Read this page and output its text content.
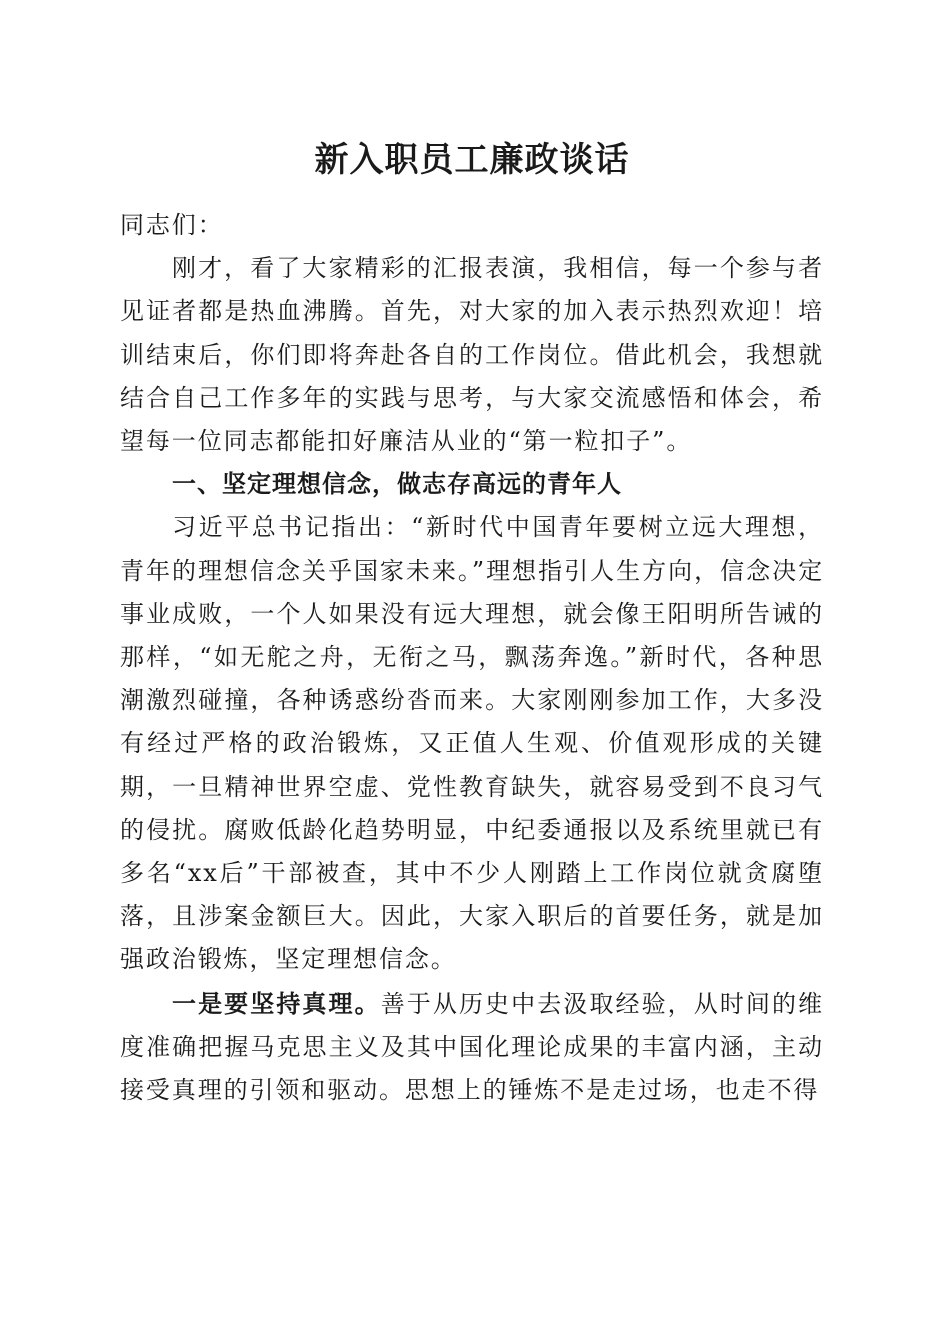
新入职员工廉政谈话

同志们：

刚才，看了大家精彩的汇报表演，我相信，每一个参与者见证者都是热血沸腾。首先，对大家的加入表示热烈欢迎！培训结束后，你们即将奔赴各自的工作岗位。借此机会，我想就结合自己工作多年的实践与思考，与大家交流感悟和体会，希望每一位同志都能扣好廉洁从业的“第一粒扣子”。

一、坚定理想信念，做志存高远的青年人

习近平总书记指出：“新时代中国青年要树立远大理想，青年的理想信念关乎国家未来。”理想指引人生方向，信念决定事业成败，一个人如果没有远大理想，就会像王阳明所告诫的那样，“如无舵之舟，无衔之马，飘荡奔逸。”新时代，各种思潮激烈碰撞，各种诱惑纷沓而来。大家刚刚参加工作，大多没有经过严格的政治锻炼，又正值人生观、价值观形成的关键期，一旦精神世界空虚、党性教育缺失，就容易受到不良习气的侵扰。腐败低龄化趋势明显，中纪委通报以及系统里就已有多名“xx后”干部被查，其中不少人刚踏上工作岗位就贪腐堕落，且涉案金额巨大。因此，大家入职后的首要任务，就是加强政治锻炼，坚定理想信念。

一是要坚持真理。善于从历史中去汲取经验，从时间的维度准确把握马克思主义及其中国化理论成果的丰富内涵，主动接受真理的引领和驱动。思想上的锤炼不是走过场，也走不得
